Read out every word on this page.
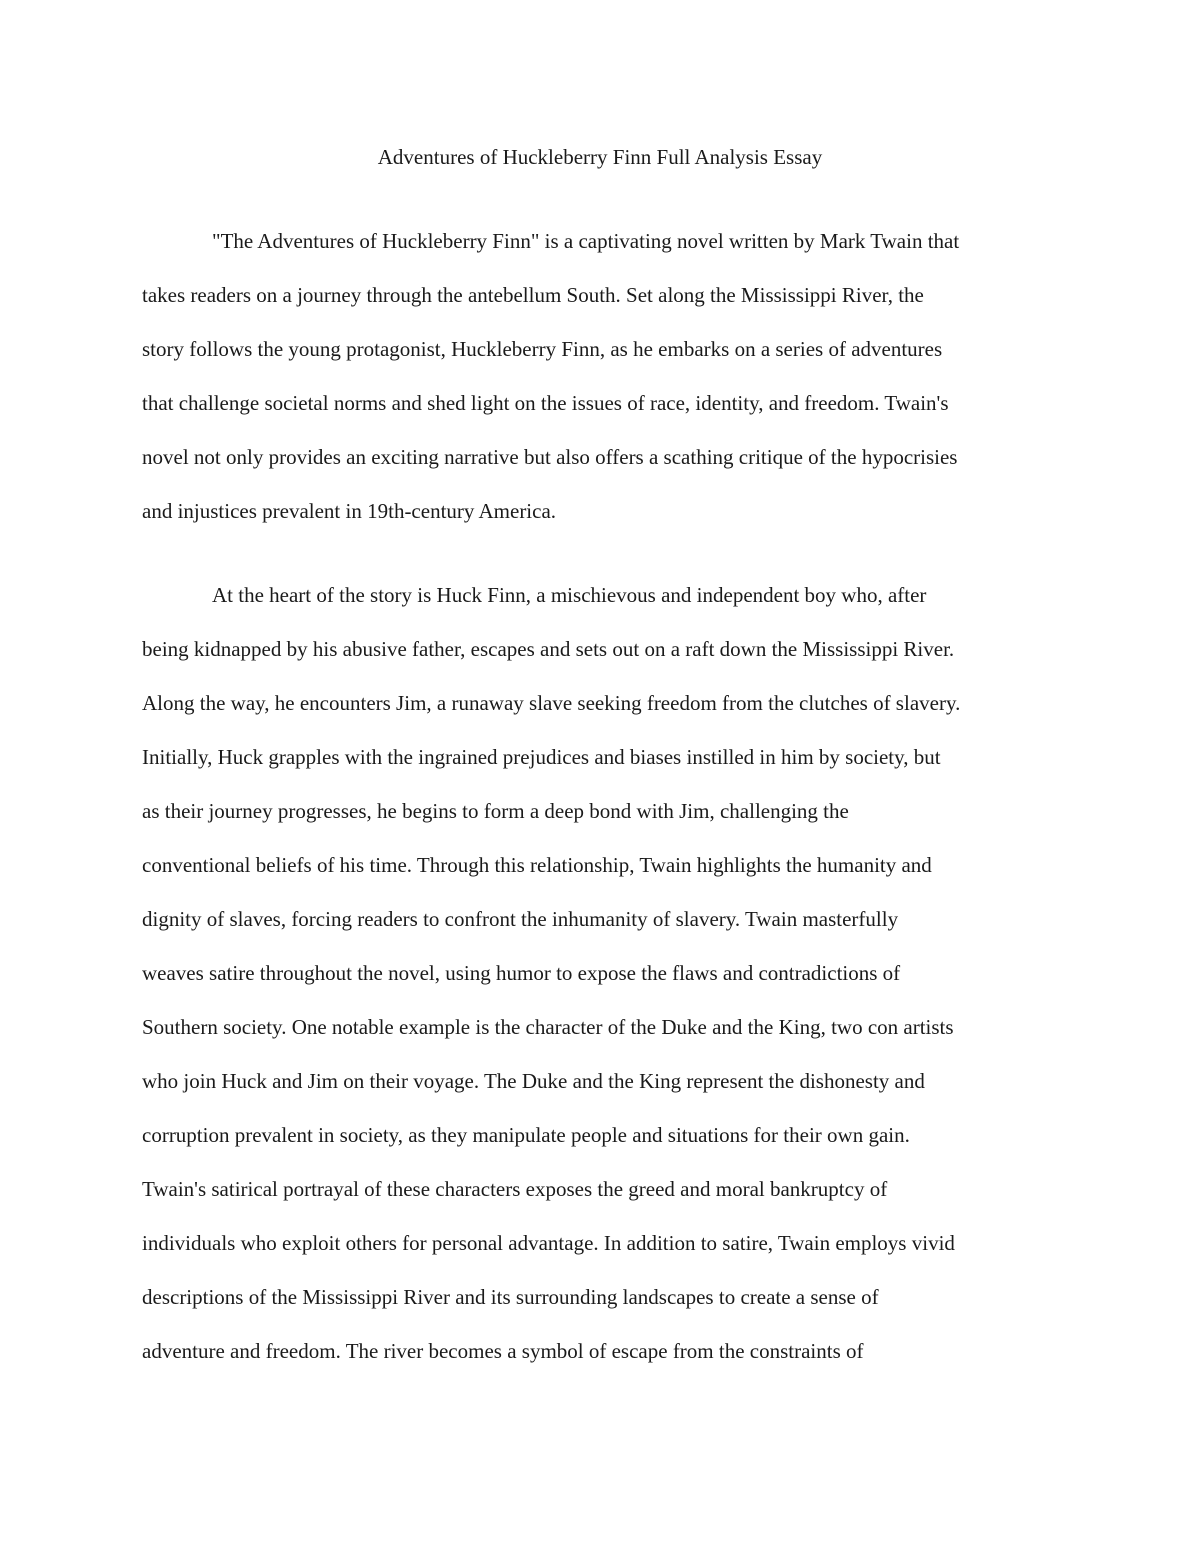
Adventures of Huckleberry Finn Full Analysis Essay
"The Adventures of Huckleberry Finn" is a captivating novel written by Mark Twain that
takes readers on a journey through the antebellum South. Set along the Mississippi River, the
story follows the young protagonist, Huckleberry Finn, as he embarks on a series of adventures
that challenge societal norms and shed light on the issues of race, identity, and freedom. Twain's
novel not only provides an exciting narrative but also offers a scathing critique of the hypocrisies
and injustices prevalent in 19th-century America.
At the heart of the story is Huck Finn, a mischievous and independent boy who, after
being kidnapped by his abusive father, escapes and sets out on a raft down the Mississippi River.
Along the way, he encounters Jim, a runaway slave seeking freedom from the clutches of slavery.
Initially, Huck grapples with the ingrained prejudices and biases instilled in him by society, but
as their journey progresses, he begins to form a deep bond with Jim, challenging the
conventional beliefs of his time. Through this relationship, Twain highlights the humanity and
dignity of slaves, forcing readers to confront the inhumanity of slavery. Twain masterfully
weaves satire throughout the novel, using humor to expose the flaws and contradictions of
Southern society. One notable example is the character of the Duke and the King, two con artists
who join Huck and Jim on their voyage. The Duke and the King represent the dishonesty and
corruption prevalent in society, as they manipulate people and situations for their own gain.
Twain's satirical portrayal of these characters exposes the greed and moral bankruptcy of
individuals who exploit others for personal advantage. In addition to satire, Twain employs vivid
descriptions of the Mississippi River and its surrounding landscapes to create a sense of
adventure and freedom. The river becomes a symbol of escape from the constraints of
